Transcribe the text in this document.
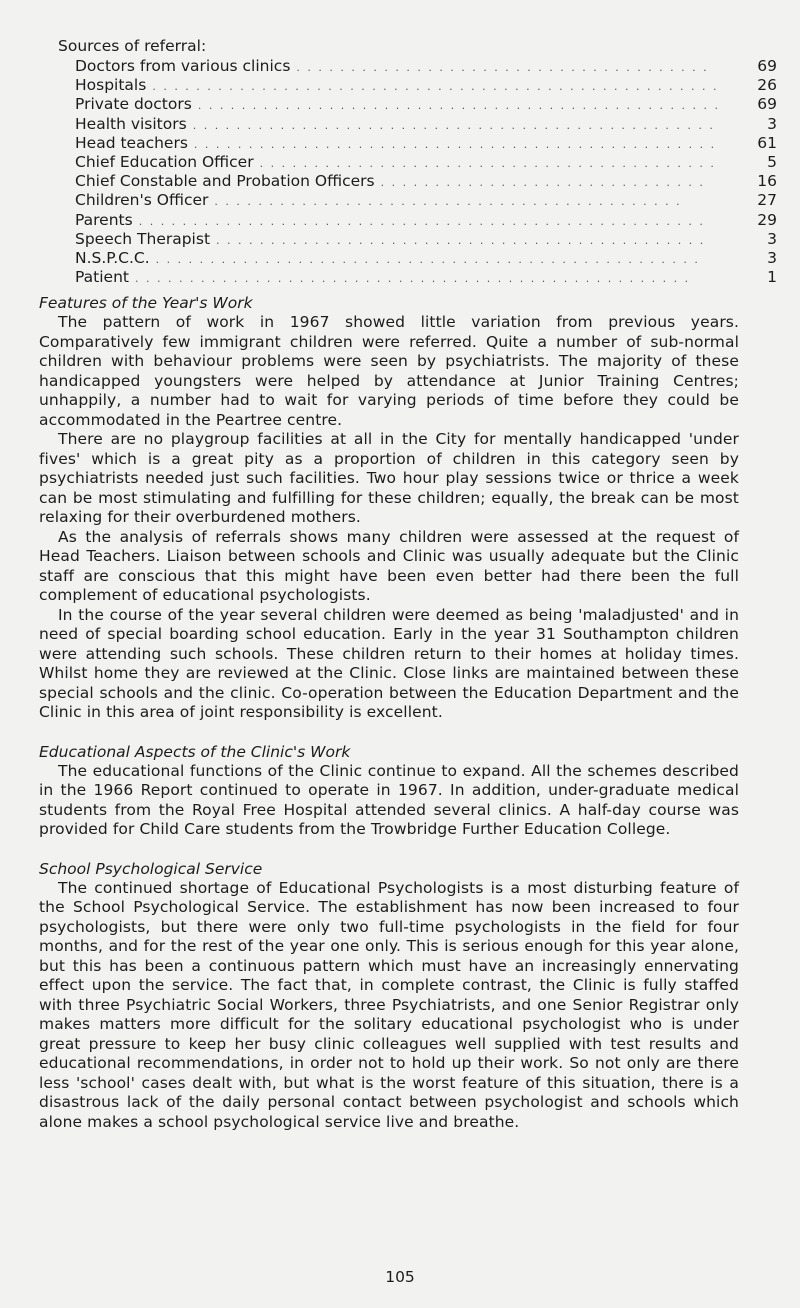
Sources of referral:
Doctors from various clinics . . . . . . . . . . . . . . . . . . . . . . . . . . . . . . . . . . . . . .	69
Hospitals . . . . . . . . . . . . . . . . . . . . . . . . . . . . . . . . . . . . . . . . . . . . . . . . . . . .	26
Private doctors . . . . . . . . . . . . . . . . . . . . . . . . . . . . . . . . . . . . . . . . . . . . . . . .	69
Health visitors . . . . . . . . . . . . . . . . . . . . . . . . . . . . . . . . . . . . . . . . . . . . . . . .	3
Head teachers . . . . . . . . . . . . . . . . . . . . . . . . . . . . . . . . . . . . . . . . . . . . . . . .	61
Chief Education Officer . . . . . . . . . . . . . . . . . . . . . . . . . . . . . . . . . . . . . . . . . .	5
Chief Constable and Probation Officers . . . . . . . . . . . . . . . . . . . . . . . . . . . . . .	16
Children's Officer . . . . . . . . . . . . . . . . . . . . . . . . . . . . . . . . . . . . . . . . . . .	27
Parents . . . . . . . . . . . . . . . . . . . . . . . . . . . . . . . . . . . . . . . . . . . . . . . . . . . .	29
Speech Therapist . . . . . . . . . . . . . . . . . . . . . . . . . . . . . . . . . . . . . . . . . . . . .	3
N.S.P.C.C. . . . . . . . . . . . . . . . . . . . . . . . . . . . . . . . . . . . . . . . . . . . . . . . . . .	3
Patient . . . . . . . . . . . . . . . . . . . . . . . . . . . . . . . . . . . . . . . . . . . . . . . . . . .	1
Features of the Year's Work

The pattern of work in 1967 showed little variation from previous years. Comparatively few immigrant children were referred. Quite a number of sub-normal children with behaviour problems were seen by psychiatrists. The majority of these handicapped youngsters were helped by attendance at Junior Training Centres; unhappily, a number had to wait for varying periods of time before they could be accommodated in the Peartree centre.

There are no playgroup facilities at all in the City for mentally handicapped 'under fives' which is a great pity as a proportion of children in this category seen by psychiatrists needed just such facilities. Two hour play sessions twice or thrice a week can be most stimulating and fulfilling for these children; equally, the break can be most relaxing for their overburdened mothers.

As the analysis of referrals shows many children were assessed at the request of Head Teachers. Liaison between schools and Clinic was usually adequate but the Clinic staff are conscious that this might have been even better had there been the full complement of educational psychologists.

In the course of the year several children were deemed as being 'maladjusted' and in need of special boarding school education. Early in the year 31 Southampton children were attending such schools. These children return to their homes at holiday times. Whilst home they are reviewed at the Clinic. Close links are maintained between these special schools and the clinic. Co-operation between the Education Department and the Clinic in this area of joint responsibility is excellent.

Educational Aspects of the Clinic's Work

The educational functions of the Clinic continue to expand. All the schemes described in the 1966 Report continued to operate in 1967. In addition, under-graduate medical students from the Royal Free Hospital attended several clinics. A half-day course was provided for Child Care students from the Trowbridge Further Education College.

School Psychological Service

The continued shortage of Educational Psychologists is a most disturbing feature of the School Psychological Service. The establishment has now been increased to four psychologists, but there were only two full-time psychologists in the field for four months, and for the rest of the year one only. This is serious enough for this year alone, but this has been a continuous pattern which must have an increasingly ennervating effect upon the service. The fact that, in complete contrast, the Clinic is fully staffed with three Psychiatric Social Workers, three Psychiatrists, and one Senior Registrar only makes matters more difficult for the solitary educational psychologist who is under great pressure to keep her busy clinic colleagues well supplied with test results and educational recommendations, in order not to hold up their work. So not only are there less 'school' cases dealt with, but what is the worst feature of this situation, there is a disastrous lack of the daily personal contact between psychologist and schools which alone makes a school psychological service live and breathe.

105
